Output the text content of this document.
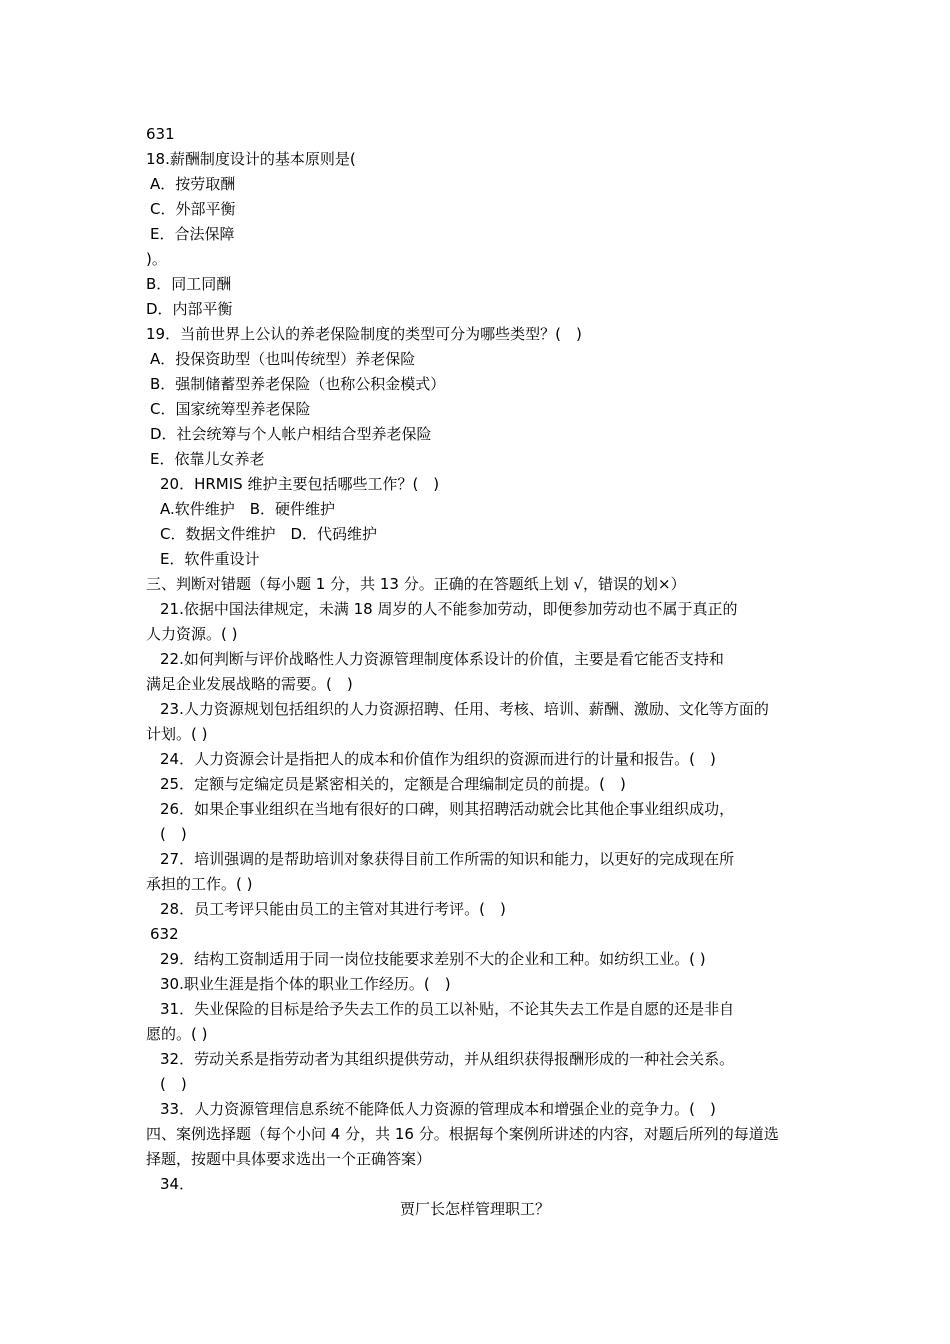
631
18.薪酬制度设计的基本原则是(
A．按劳取酬
C．外部平衡
E．合法保障
)。
B．同工同酬
D．内部平衡
19．当前世界上公认的养老保险制度的类型可分为哪些类型？(　)
A．投保资助型（也叫传统型）养老保险
B．强制储蓄型养老保险（也称公积金模式）
C．国家统筹型养老保险
D．社会统筹与个人帐户相结合型养老保险
E．依靠儿女养老
20．HRMIS 维护主要包括哪些工作？(　)
A.软件维护　B．硬件维护
C．数据文件维护　D．代码维护
E．软件重设计
三、判断对错题（每小题 1 分，共 13 分。正确的在答题纸上划 √，错误的划×）
21.依据中国法律规定，未满 18 周岁的人不能参加劳动，即便参加劳动也不属于真正的
人力资源。( )
22.如何判断与评价战略性人力资源管理制度体系设计的价值，主要是看它能否支持和
满足企业发展战略的需要。(　)
23.人力资源规划包括组织的人力资源招聘、任用、考核、培训、薪酬、激励、文化等方面的
计划。( )
24．人力资源会计是指把人的成本和价值作为组织的资源而进行的计量和报告。(　)
25．定额与定编定员是紧密相关的，定额是合理编制定员的前提。(　)
26．如果企事业组织在当地有很好的口碑，则其招聘活动就会比其他企事业组织成功，
(　)
27．培训强调的是帮助培训对象获得目前工作所需的知识和能力，以更好的完成现在所
承担的工作。( )
28．员工考评只能由员工的主管对其进行考评。(　)
632
29．结构工资制适用于同一岗位技能要求差别不大的企业和工种。如纺织工业。( )
30.职业生涯是指个体的职业工作经历。(　)
31．失业保险的目标是给予失去工作的员工以补贴，不论其失去工作是自愿的还是非自
愿的。( )
32．劳动关系是指劳动者为其组织提供劳动，并从组织获得报酬形成的一种社会关系。
(　)
33．人力资源管理信息系统不能降低人力资源的管理成本和增强企业的竞争力。(　)
四、案例选择题（每个小问 4 分，共 16 分。根据每个案例所讲述的内容，对题后所列的每道选
择题，按题中具体要求选出一个正确答案）
34．
贾厂长怎样管理职工？
